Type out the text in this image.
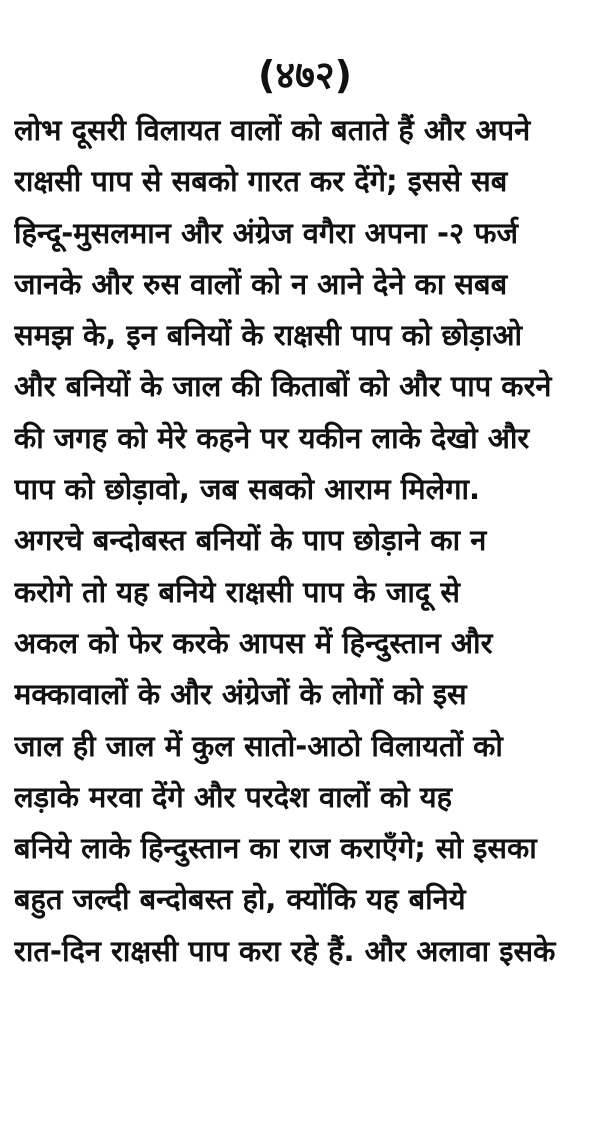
(४७२)
लोभ दूसरी विलायत वालों को बताते हैं और अपने
राक्षसी पाप से सबको गारत कर देंगे; इससे सब
हिन्दू-मुसलमान और अंग्रेज वगैरा अपना -२ फर्ज
जानके और रुस वालों को न आने देने का सबब
समझ के, इन बनियों के राक्षसी पाप को छोड़ाओ
और बनियों के जाल की किताबों को और पाप करने
की जगह को मेरे कहने पर यकीन लाके देखो और
पाप को छोड़ावो, जब सबको आराम मिलेगा.
अगरचे बन्दोबस्त बनियों के पाप छोड़ाने का न
करोगे तो यह बनिये राक्षसी पाप के जादू से
अकल को फेर करके आपस में हिन्दुस्तान और
मक्कावालों के और अंग्रेजों के लोगों को इस
जाल ही जाल में कुल सातो-आठो विलायतों को
लड़ाके मरवा देंगे और परदेश वालों को यह
बनिये लाके हिन्दुस्तान का राज कराएँगे; सो इसका
बहुत जल्दी बन्दोबस्त हो, क्योंकि यह बनिये
रात-दिन राक्षसी पाप करा रहे हैं. और अलावा इसके
